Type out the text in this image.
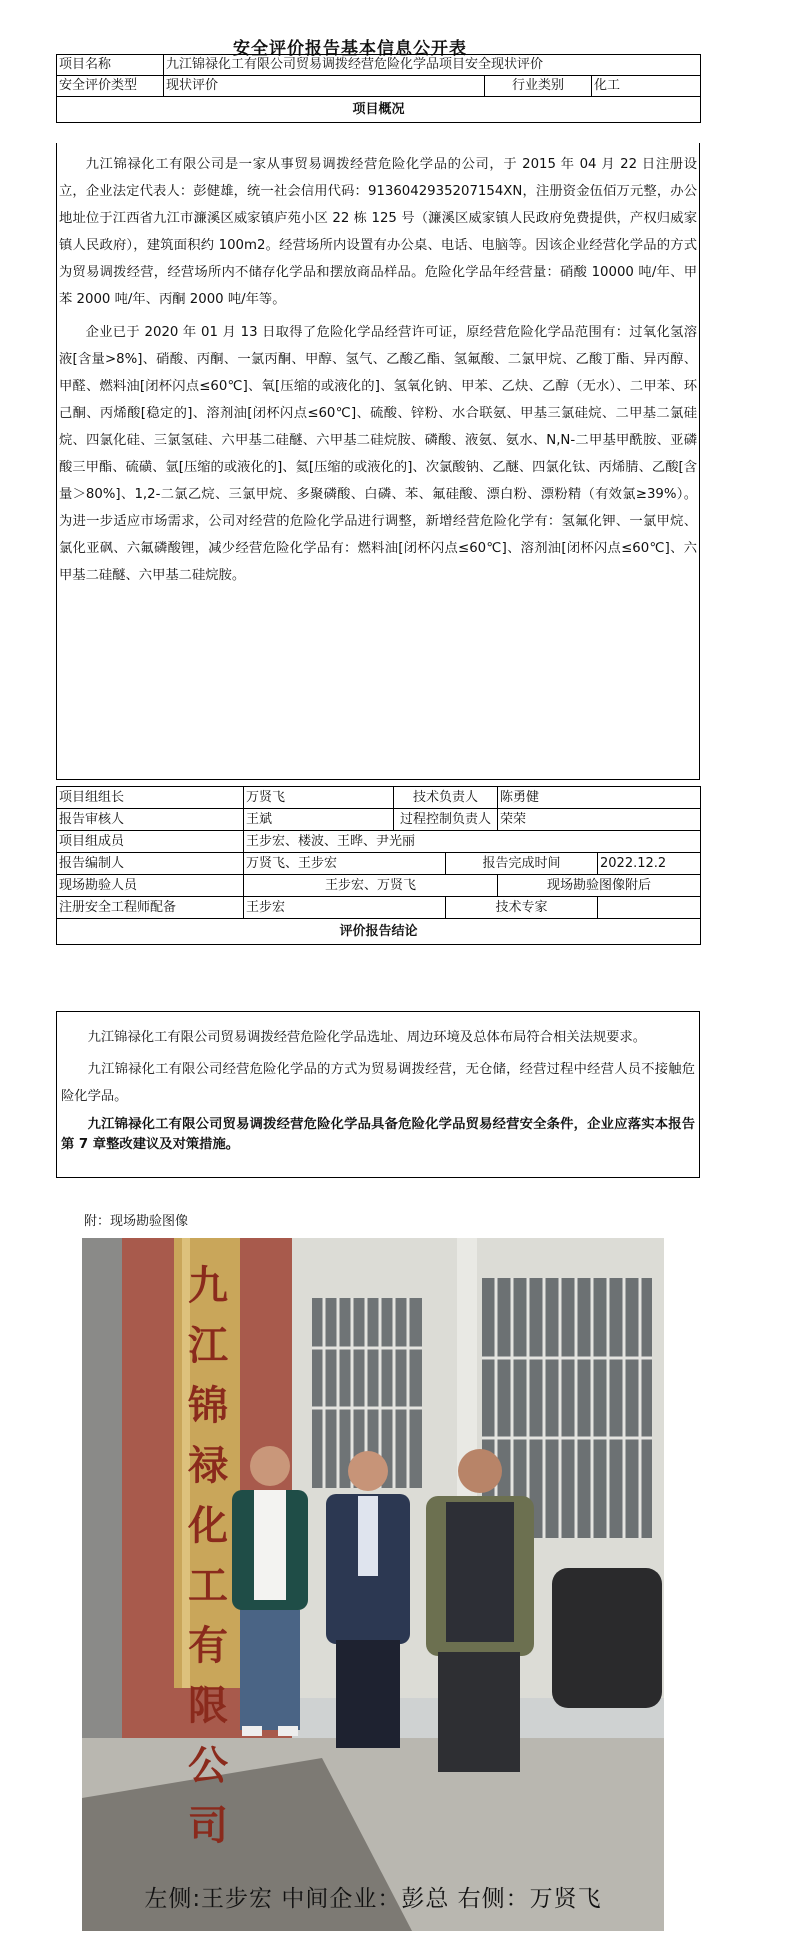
安全评价报告基本信息公开表
项目名称	九江锦禄化工有限公司贸易调拨经营危险化学品项目安全现状评价		
安全评价类型	现状评价	行业类别	化工
项目概况			

九江锦禄化工有限公司是一家从事贸易调拨经营危险化学品的公司，于 2015 年 04 月 22 日注册设立，企业法定代表人：彭健雄，统一社会信用代码：913604293520715‌4XN，注册资金伍佰万元整，办公地址位于江西省九江市濂溪区威家镇庐苑小区 22 栋 125 号（濂溪区威家镇人民政府免费提供，产权归威家镇人民政府），建筑面积约 100m2。经营场所内设置有办公桌、电话、电脑等。因该企业经营化学品的方式为贸易调拨经营，经营场所内不储存化学品和摆放商品样品。危险化学品年经营量：硝酸 10000 吨/年、甲苯 2000 吨/年、丙酮 2000 吨/年等。

企业已于 2020 年 01 月 13 日取得了危险化学品经营许可证，原经营危险化学品范围有：过氧化氢溶液[含量>8%]、硝酸、丙酮、一氯丙酮、甲醇、氢气、乙酸乙酯、氢氟酸、二氯甲烷、乙酸丁酯、异丙醇、甲醛、燃料油[闭杯闪点≤60℃]、氧[压缩的或液化的]、氢氧化钠、甲苯、乙炔、乙醇（无水）、二甲苯、环己酮、丙烯酸[稳定的]、溶剂油[闭杯闪点≤60℃]、硫酸、锌粉、水合联氨、甲基三氯硅烷、二甲基二氯硅烷、四氯化硅、三氯氢硅、六甲基二硅醚、六甲基二硅烷胺、磷酸、液氨、氨水、N,N-二甲基甲酰胺、亚磷酸三甲酯、硫磺、氩[压缩的或液化的]、氦[压缩的或液化的]、次氯酸钠、乙醚、四氯化钛、丙烯腈、乙酸[含量＞80%]、1,2-二氯乙烷、三氯甲烷、多聚磷酸、白磷、苯、氟硅酸、漂白粉、漂粉精（有效氯≥39%）。为进一步适应市场需求，公司对经营的危险化学品进行调整，新增经营危险化学有：氢氟化钾、一氯甲烷、氯化亚砜、六氟磷酸锂，减少经营危险化学品有：燃料油[闭杯闪点≤60℃]、溶剂油[闭杯闪点≤60℃]、六甲基二硅醚、六甲基二硅烷胺。

项目组组长	万贤飞	技术负责人		陈勇健	
报告审核人	王斌	过程控制负责人		荣荣	
项目组成员	王步宏、楼波、王晔、尹光丽				
报告编制人	万贤飞、王步宏		报告完成时间		2022.12.2
现场勘验人员	王步宏、万贤飞			现场勘验图像附后	
注册安全工程师配备	王步宏		技术专家		
评价报告结论					

九江锦禄化工有限公司贸易调拨经营危险化学品选址、周边环境及总体布局符合相关法规要求。

九江锦禄化工有限公司经营危险化学品的方式为贸易调拨经营，无仓储，经营过程中经营人员不接触危险化学品。

九江锦禄化工有限公司贸易调拨经营危险化学品具备危险化学品贸易经营安全条件，企业应落实本报告第 7 章整改建议及对策措施。

附：现场勘验图像
九江锦禄化工有限公司
左侧:王步宏 中间企业：彭总 右侧：万贤飞
